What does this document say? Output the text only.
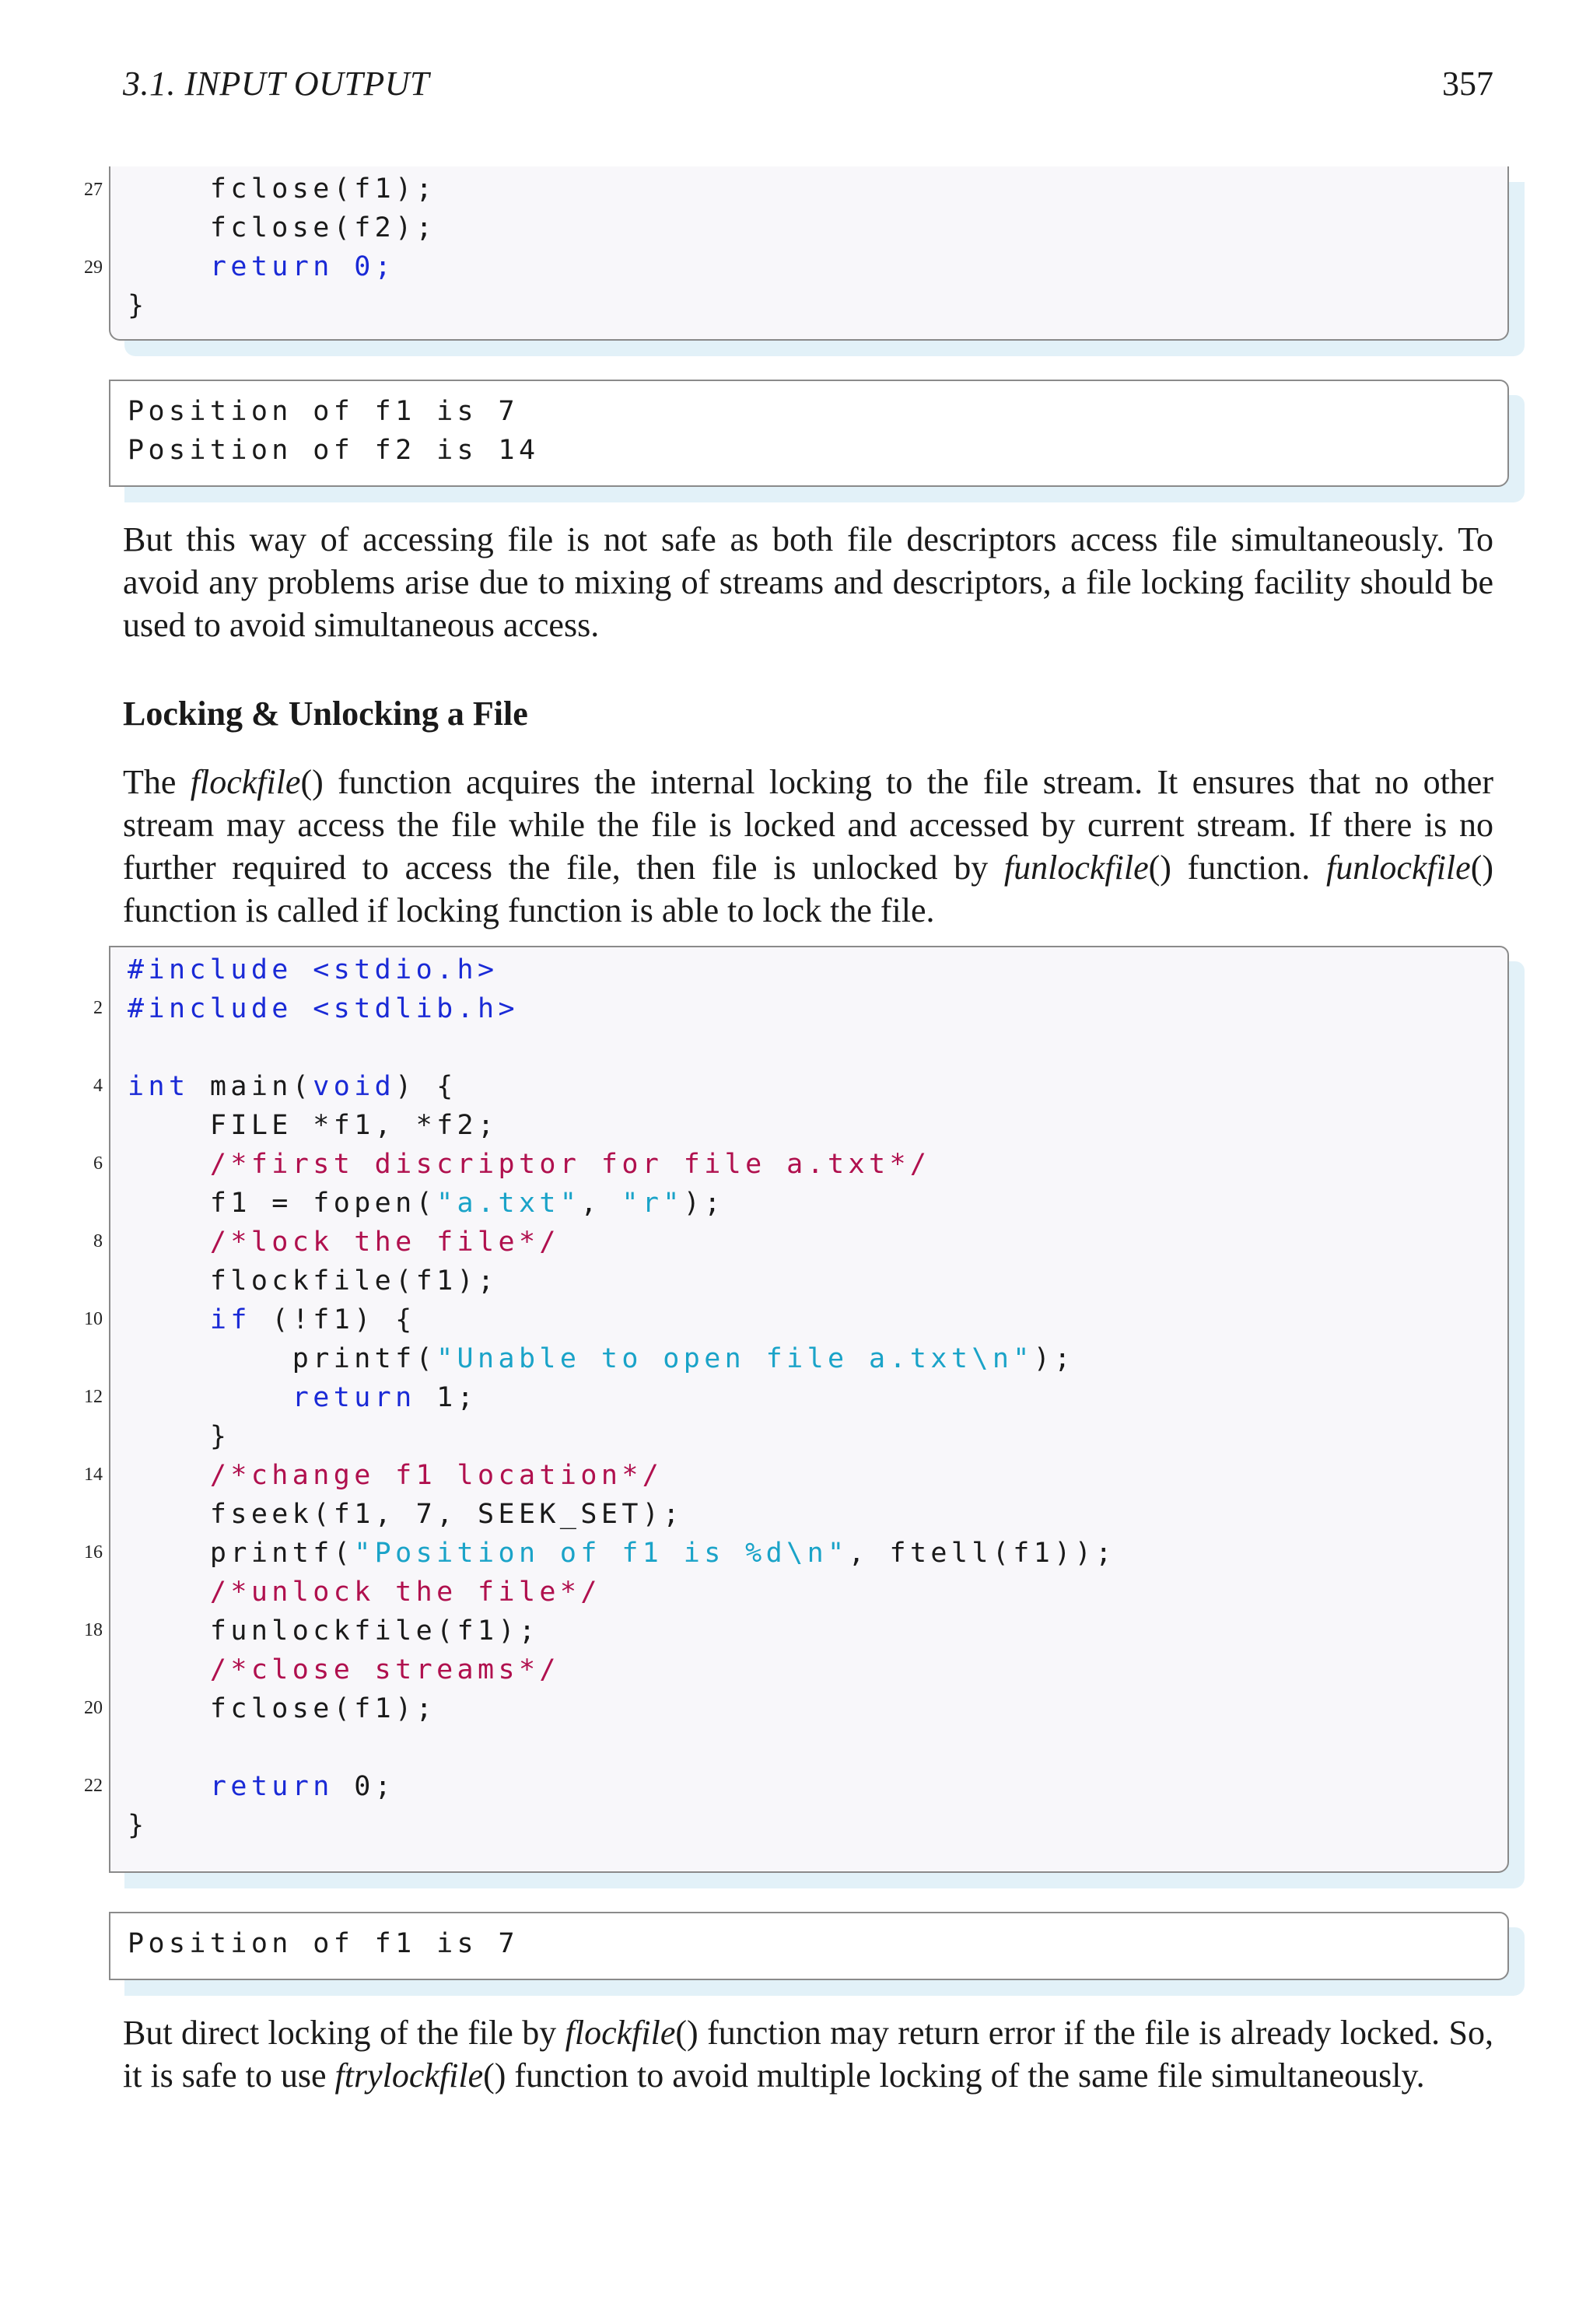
3.1. INPUT OUTPUT	357
fclose(f1);
fclose(f2);
return 0;
}
27
29
Position of f1 is 7
Position of f2 is 14

But this way of accessing file is not safe as both file descriptors access file simultaneously. To avoid any problems arise due to mixing of streams and descriptors, a file locking facility should be used to avoid simultaneous access.

Locking & Unlocking a File

The flockfile() function acquires the internal locking to the file stream. It ensures that no other stream may access the file while the file is locked and accessed by current stream. If there is no further required to access the file, then file is unlocked by funlockfile() function. funlockfile() function is called if locking function is able to lock the file.

#include <stdio.h>
#include <stdlib.h>
int main(void) {
FILE *f1, *f2;
/*first discriptor for file a.txt*/
f1 = fopen("a.txt", "r");
/*lock the file*/
flockfile(f1);
if (!f1) {
printf("Unable to open file a.txt\n");
return 1;
}
/*change f1 location*/
fseek(f1, 7, SEEK_SET);
printf("Position of f1 is %d\n", ftell(f1));
/*unlock the file*/
funlockfile(f1);
/*close streams*/
fclose(f1);
return 0;
}
2
4
6
8
10
12
14
16
18
20
22
Position of f1 is 7

But direct locking of the file by flockfile() function may return error if the file is already locked. So, it is safe to use ftrylockfile() function to avoid multiple locking of the same file simultaneously.
